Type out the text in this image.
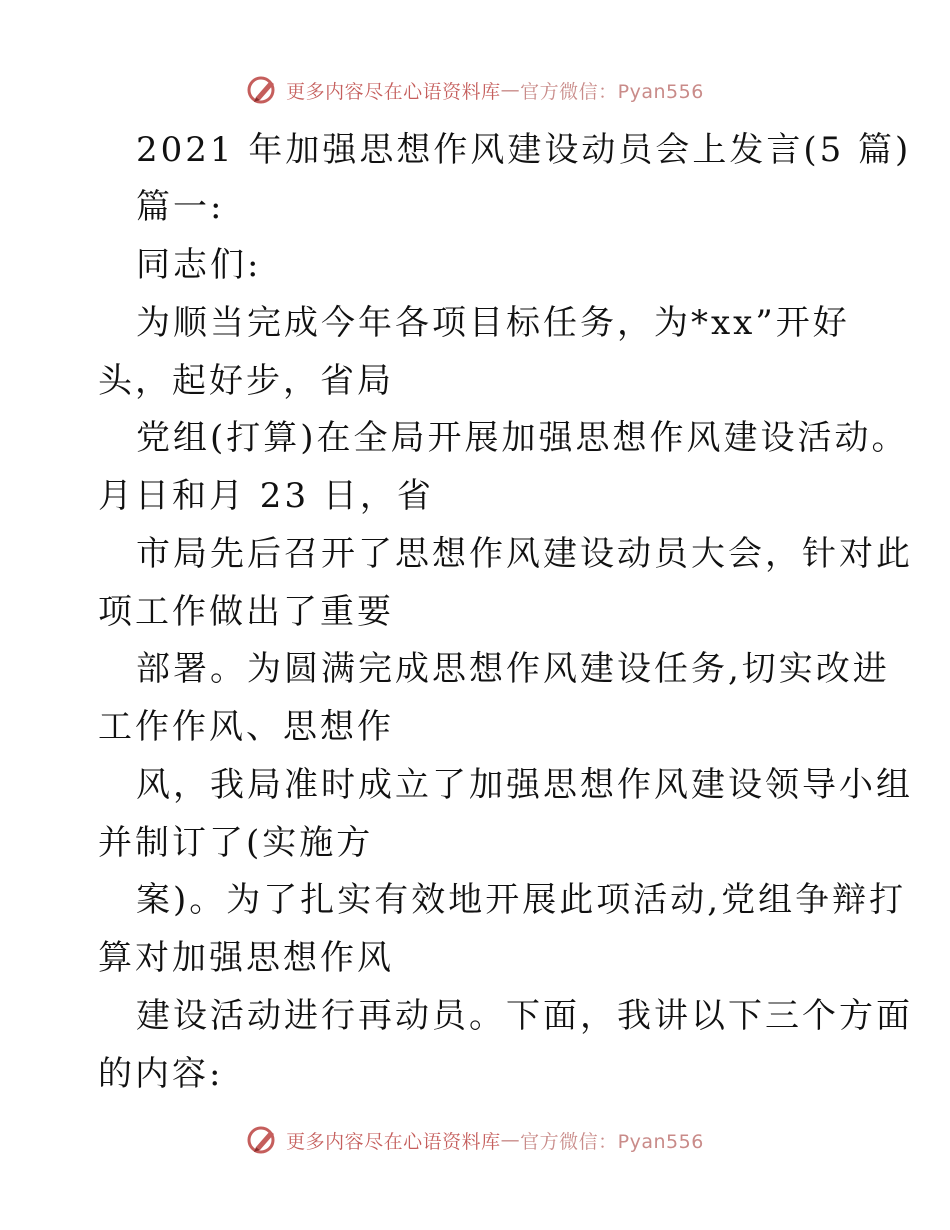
更多内容尽在心语资料库 — 官方微信：Pyan556
2021 年加强思想作风建设动员会上发言(5 篇)
篇一:
同志们:
为顺当完成今年各项目标任务，为*xx”开好
头，起好步，省局
党组(打算)在全局开展加强思想作风建设活动。
月日和月 23 日，省
市局先后召开了思想作风建设动员大会，针对此
项工作做出了重要
部署。为圆满完成思想作风建设任务,切实改进
工作作风、思想作
风，我局准时成立了加强思想作风建设领导小组
并制订了(实施方
案)。为了扎实有效地开展此项活动,党组争辩打
算对加强思想作风
建设活动进行再动员。下面，我讲以下三个方面
的内容:
更多内容尽在心语资料库 — 官方微信：Pyan556
